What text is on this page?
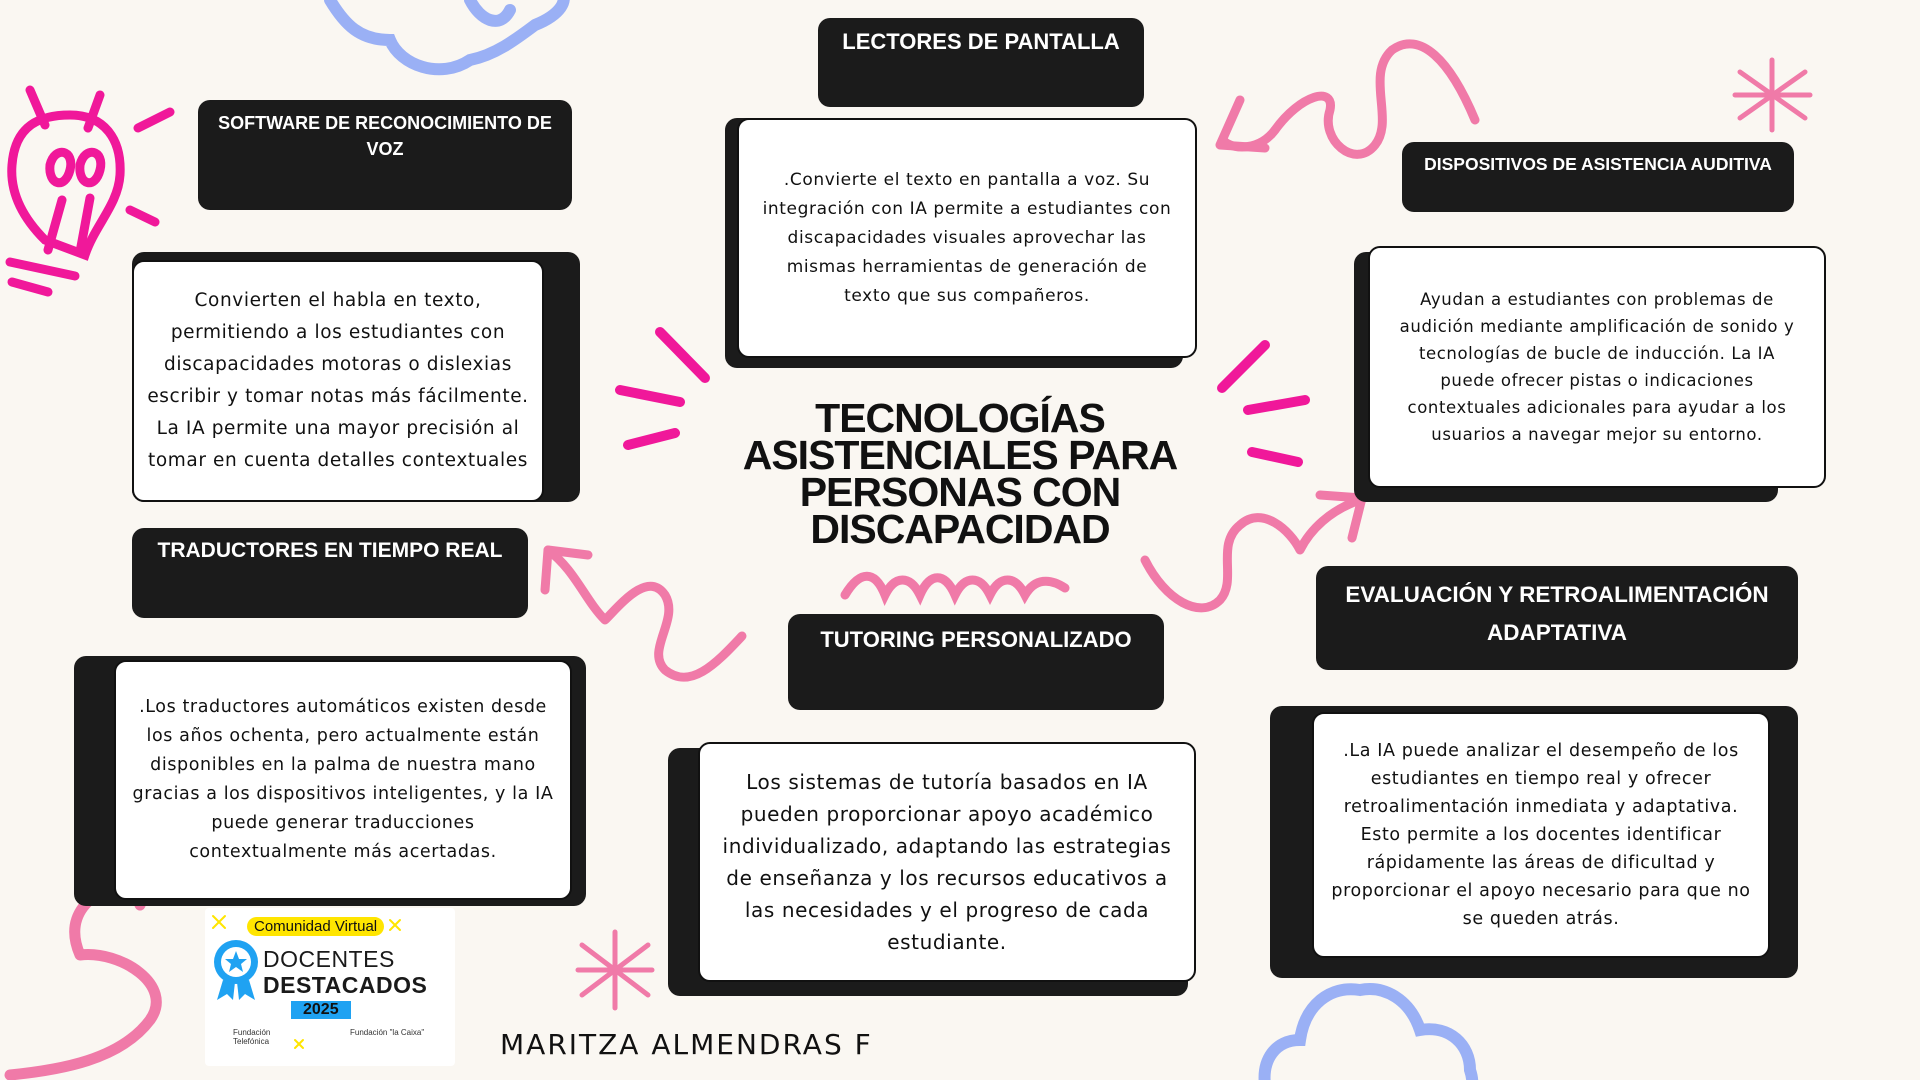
TECNOLOGÍAS ASISTENCIALES PARA PERSONAS CON DISCAPACIDAD
SOFTWARE DE RECONOCIMIENTO DE VOZ
Convierten el habla en texto, permitiendo a los estudiantes con discapacidades motoras o dislexias escribir y tomar notas más fácilmente. La IA permite una mayor precisión al tomar en cuenta detalles contextuales
LECTORES DE PANTALLA
.Convierte el texto en pantalla a voz. Su integración con IA permite a estudiantes con discapacidades visuales aprovechar las mismas herramientas de generación de texto que sus compañeros.
DISPOSITIVOS DE ASISTENCIA AUDITIVA
Ayudan a estudiantes con problemas de audición mediante amplificación de sonido y tecnologías de bucle de inducción. La IA puede ofrecer pistas o indicaciones contextuales adicionales para ayudar a los usuarios a navegar mejor su entorno.
TRADUCTORES EN TIEMPO REAL
.Los traductores automáticos existen desde los años ochenta, pero actualmente están disponibles en la palma de nuestra mano gracias a los dispositivos inteligentes, y la IA puede generar traducciones contextualmente más acertadas.
TUTORING PERSONALIZADO
Los sistemas de tutoría basados en IA pueden proporcionar apoyo académico individualizado, adaptando las estrategias de enseñanza y los recursos educativos a las necesidades y el progreso de cada estudiante.
EVALUACIÓN Y RETROALIMENTACIÓN ADAPTATIVA
.La IA puede analizar el desempeño de los estudiantes en tiempo real y ofrecer retroalimentación inmediata y adaptativa. Esto permite a los docentes identificar rápidamente las áreas de dificultad y proporcionar el apoyo necesario para que no se queden atrás.
MARITZA ALMENDRAS F
Comunidad Virtual
DOCENTES
DESTACADOS
2025
Fundación Telefónica
Fundación "la Caixa"
